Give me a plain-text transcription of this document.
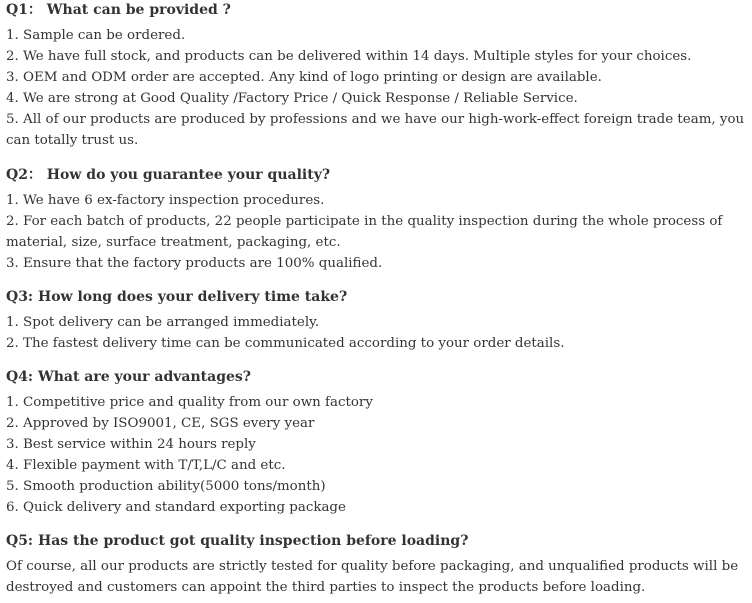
Q1： What can be provided ?

1. Sample can be ordered.
2. We have full stock, and products can be delivered within 14 days. Multiple styles for your choices.
3. OEM and ODM order are accepted. Any kind of logo printing or design are available.
4. We are strong at Good Quality /Factory Price / Quick Response / Reliable Service.
5. All of our products are produced by professions and we have our high-work-effect foreign trade team, you can totally trust us.

Q2： How do you guarantee your quality?

1. We have 6 ex-factory inspection procedures.
2. For each batch of products, 22 people participate in the quality inspection during the whole process of material, size, surface treatment, packaging, etc.
3. Ensure that the factory products are 100% qualified.

Q3: How long does your delivery time take?

1. Spot delivery can be arranged immediately.
2. The fastest delivery time can be communicated according to your order details.

Q4: What are your advantages?

1. Competitive price and quality from our own factory
2. Approved by ISO9001, CE, SGS every year
3. Best service within 24 hours reply
4. Flexible payment with T/T,L/C and etc.
5. Smooth production ability(5000 tons/month)
6. Quick delivery and standard exporting package

Q5: Has the product got quality inspection before loading?

Of course, all our products are strictly tested for quality before packaging, and unqualified products will be destroyed and customers can appoint the third parties to inspect the products before loading.
